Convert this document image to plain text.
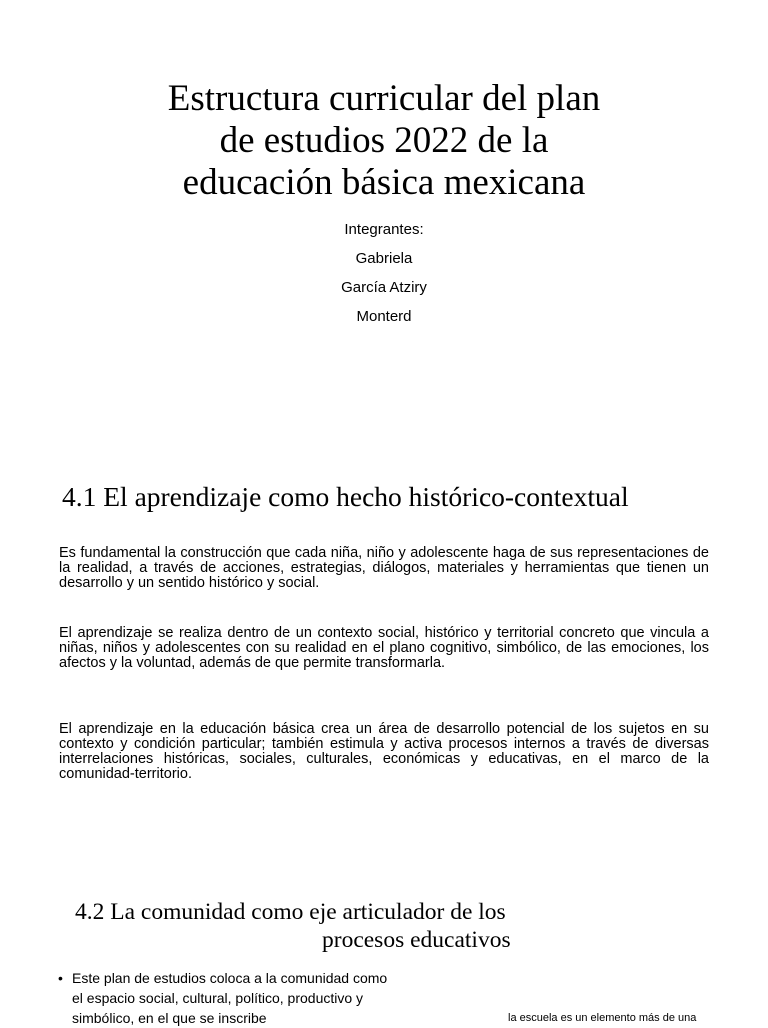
Estructura curricular del plan
de estudios 2022 de la
educación básica mexicana
Integrantes:
Gabriela
García Atziry
Monterd
4.1 El aprendizaje como hecho histórico-contextual

Es fundamental la construcción que cada niña, niño y adolescente haga de sus representaciones de la realidad, a través de acciones, estrategias, diálogos, materiales y herramientas que tienen un desarrollo y un sentido histórico y social.

El aprendizaje se realiza dentro de un contexto social, histórico y territorial concreto que vincula a niñas, niños y adolescentes con su realidad en el plano cognitivo, simbólico, de las emociones, los afectos y la voluntad, además de que permite transformarla.

El aprendizaje en la educación básica crea un área de desarrollo potencial de los sujetos en su contexto y condición particular; también estimula y activa procesos internos a través de diversas interrelaciones históricas, sociales, culturales, económicas y educativas, en el marco de la comunidad-territorio.

4.2 La comunidad como eje articulador de los
procesos educativos
• Este plan de estudios coloca a la comunidad como el espacio social, cultural, político, productivo y simbólico, en el que se inscribe	la escuela es un elemento más de una
